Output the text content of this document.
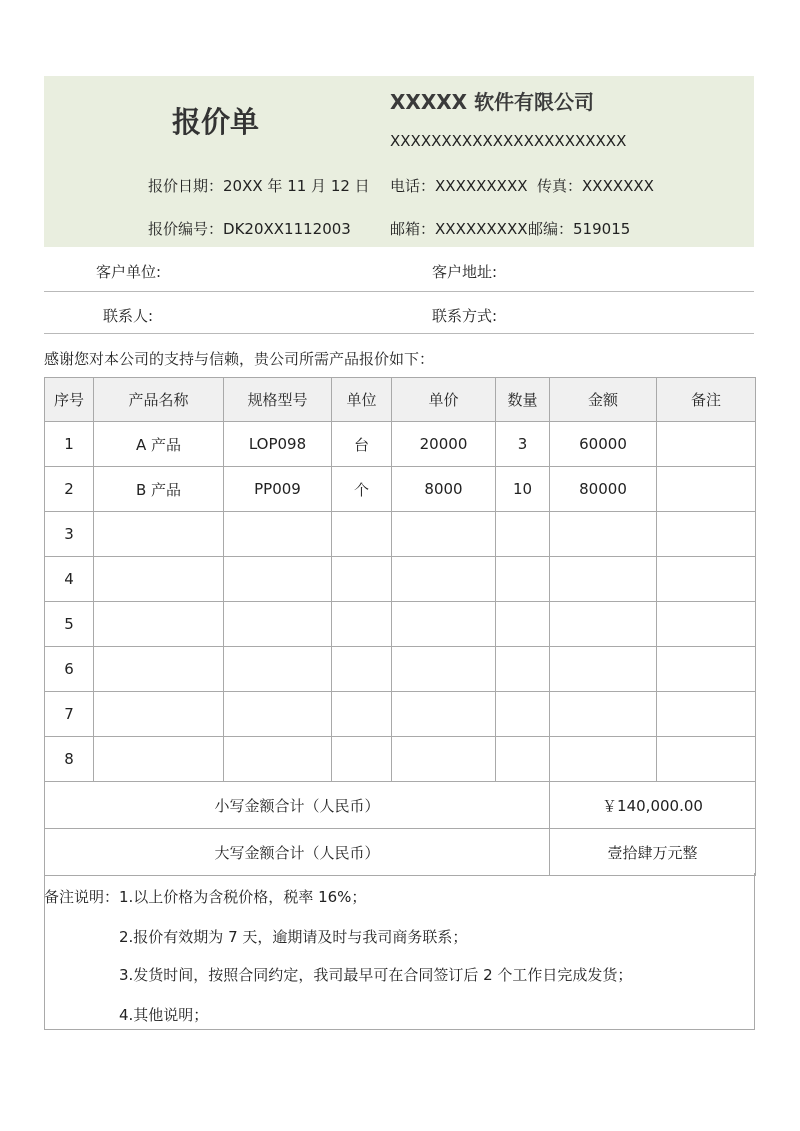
报价单
XXXXX 软件有限公司
XXXXXXXXXXXXXXXXXXXXXXX
报价日期：20XX 年 11 月 12 日 电话：XXXXXXXXX 传真：XXXXXXX
报价编号：DK20XX1112003	邮箱：XXXXXXXXX 邮编：519015
客户单位:	客户地址:
联系人:	联系方式:
感谢您对本公司的支持与信赖，贵公司所需产品报价如下：
序号	产品名称	规格型号	单位	单价	数量	金额	备注
1	A 产品	LOP098	台	20000	3	60000	
2	B 产品	PP009	个	8000	10	80000	
3							
4							
5							
6							
7							
8							
小写金额合计（人民币）						￥140,000.00	
大写金额合计（人民币）						壹拾肆万元整	
备注说明： 1.以上价格为含税价格，税率 16%；
2.报价有效期为 7 天，逾期请及时与我司商务联系；
3.发货时间，按照合同约定，我司最早可在合同签订后 2 个工作日完成发货；
4.其他说明；
